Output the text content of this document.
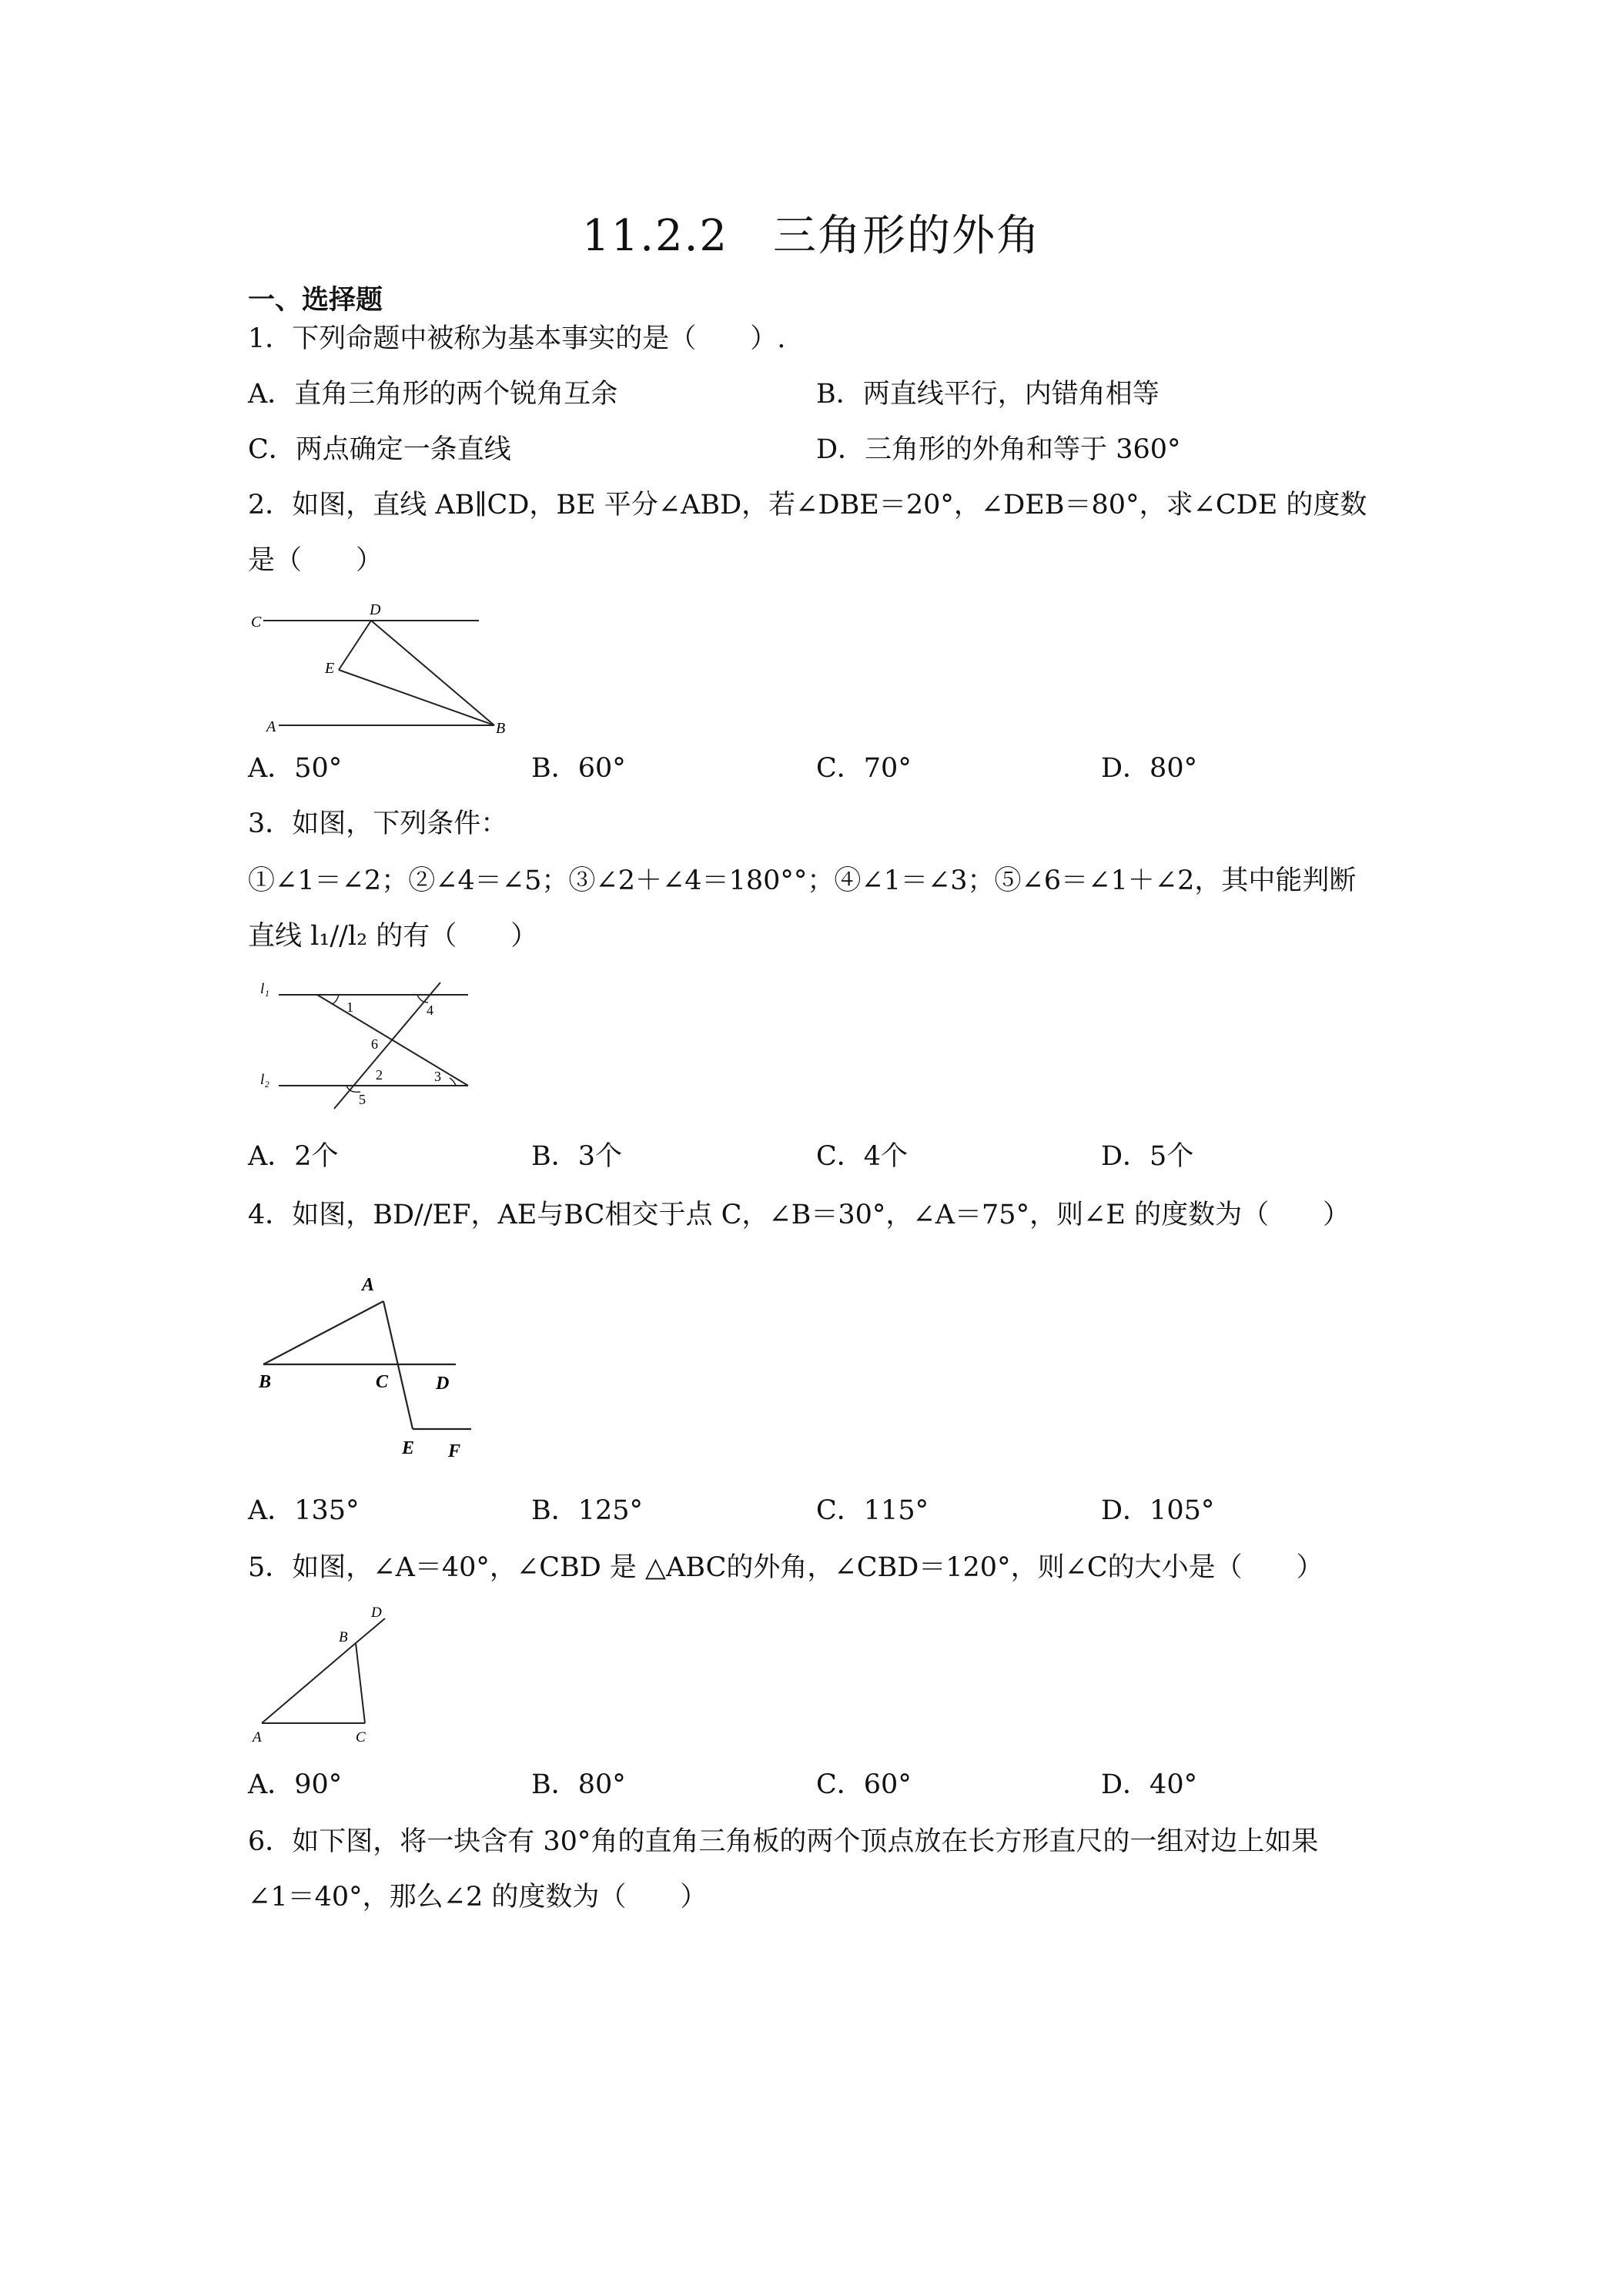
11.2.2　三角形的外角
一、选择题
1．下列命题中被称为基本事实的是（　　）.
A．直角三角形的两个锐角互余	B．两直线平行，内错角相等
C．两点确定一条直线	D．三角形的外角和等于 360°
2．如图，直线 AB∥CD，BE 平分∠ABD，若∠DBE＝20°，∠DEB＝80°，求∠CDE 的度数
是（　　）
C
D
E
A	B
A．50°	B．60°	C．70°	D．80°
3．如图，下列条件：
①∠1＝∠2；②∠4＝∠5；③∠2＋∠4＝180°°；④∠1＝∠3；⑤∠6＝∠1＋∠2，其中能判断
直线 l₁//l₂ 的有（　　）
l₁
l₂
1	4
6
2	3
5
A．2个	B．3个	C．4个	D．5个
4．如图，BD//EF，AE与BC相交于点 C，∠B＝30°，∠A＝75°，则∠E 的度数为（　　）
A
B	C	D
E F
A．135°	B．125°	C．115°	D．105°
5．如图，∠A＝40°，∠CBD 是 △ABC的外角，∠CBD＝120°，则∠C的大小是（　　）
A
B
C
D
A．90°	B．80°	C．60°	D．40°
6．如下图，将一块含有 30°角的直角三角板的两个顶点放在长方形直尺的一组对边上如果
∠1＝40°，那么∠2 的度数为（　　）
